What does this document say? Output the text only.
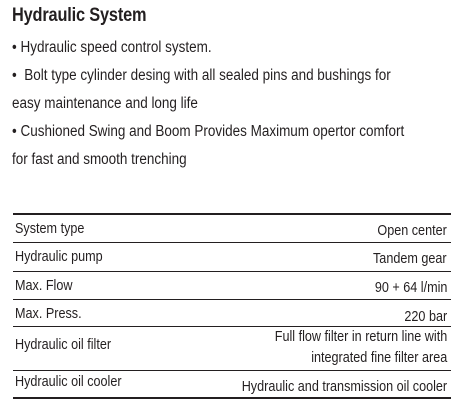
Hydraulic System
• Hydraulic speed control system.
•  Bolt type cylinder desing with all sealed pins and bushings for
easy maintenance and long life
• Cushioned Swing and Boom Provides Maximum opertor comfort
for fast and smooth trenching
System type	Open center
Hydraulic pump	Tandem gear
Max. Flow	90 + 64 l/min
Max. Press.	220 bar
Hydraulic oil filter	Full flow filter in return line with
integrated fine filter area
Hydraulic oil cooler	Hydraulic and transmission oil cooler
